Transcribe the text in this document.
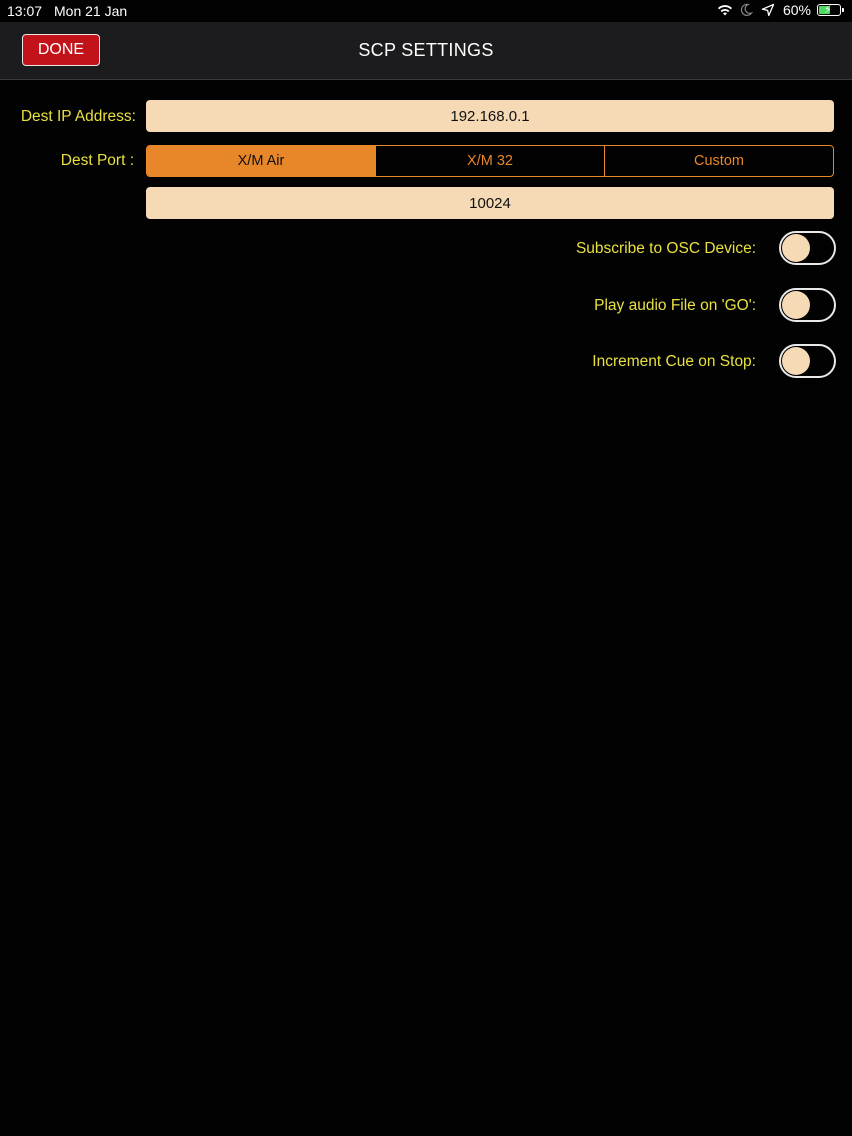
13:07 Mon 21 Jan	60% ⚡
DONE	SCP SETTINGS
Dest IP Address:	192.168.0.1
Dest Port :	X/M Air	X/M 32	Custom
10024
Subscribe to OSC Device:
Play audio File on 'GO':
Increment Cue on Stop:
